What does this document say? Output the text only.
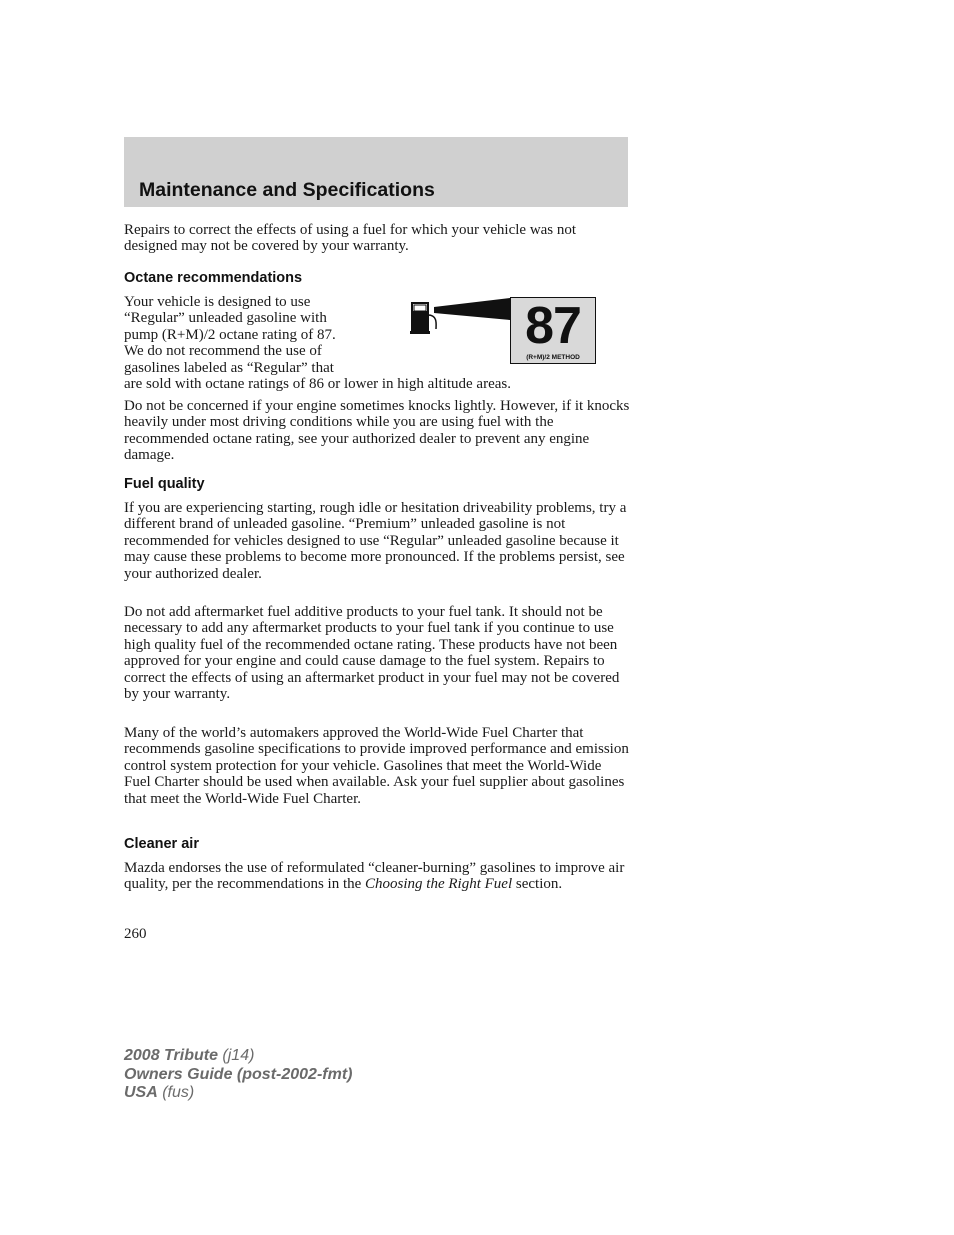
Maintenance and Specifications

Repairs to correct the effects of using a fuel for which your vehicle was not designed may not be covered by your warranty.

Octane recommendations
Your vehicle is designed to use
“Regular” unleaded gasoline with
pump (R+M)/2 octane rating of 87.
We do not recommend the use of
gasolines labeled as “Regular” that

are sold with octane ratings of 86 or lower in high altitude areas.

87
(R+M)/2 METHOD

Do not be concerned if your engine sometimes knocks lightly. However, if it knocks heavily under most driving conditions while you are using fuel with the recommended octane rating, see your authorized dealer to prevent any engine damage.

Fuel quality

If you are experiencing starting, rough idle or hesitation driveability problems, try a different brand of unleaded gasoline. “Premium” unleaded gasoline is not recommended for vehicles designed to use “Regular” unleaded gasoline because it may cause these problems to become more pronounced. If the problems persist, see your authorized dealer.

Do not add aftermarket fuel additive products to your fuel tank. It should not be necessary to add any aftermarket products to your fuel tank if you continue to use high quality fuel of the recommended octane rating. These products have not been approved for your engine and could cause damage to the fuel system. Repairs to correct the effects of using an aftermarket product in your fuel may not be covered by your warranty.

Many of the world’s automakers approved the World-Wide Fuel Charter that recommends gasoline specifications to provide improved performance and emission control system protection for your vehicle. Gasolines that meet the World-Wide Fuel Charter should be used when available. Ask your fuel supplier about gasolines that meet the World-Wide Fuel Charter.

Cleaner air

Mazda endorses the use of reformulated “cleaner-burning” gasolines to improve air quality, per the recommendations in the Choosing the Right Fuel section.

260

2008 Tribute (j14)
Owners Guide (post-2002-fmt)
USA (fus)
